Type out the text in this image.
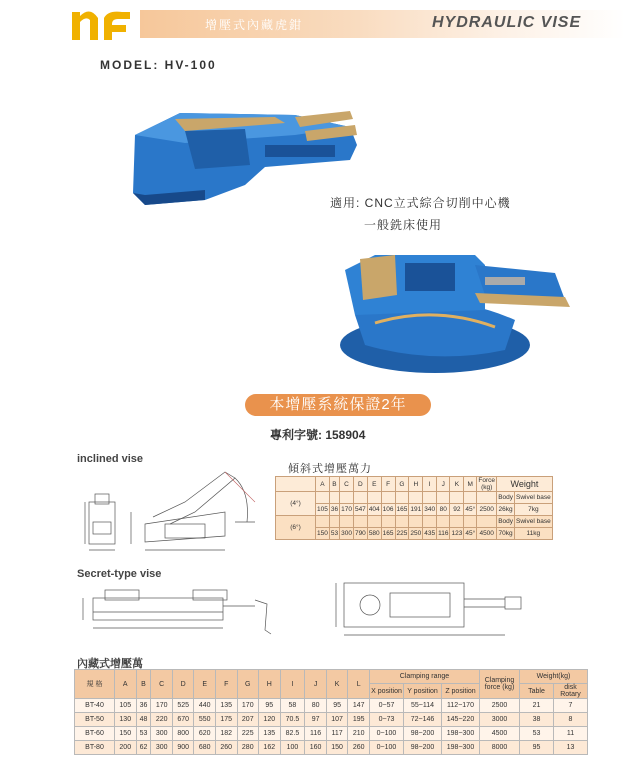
增壓式內藏虎鉗	HYDRAULIC VISE
MODEL: HV-100
適用: CNC立式綜合切削中心機
一般銑床使用
本增壓系統保證2年
專利字號: 158904
inclined vise
傾斜式增壓萬力
	A	B	C	D	E	F	G	H	I	J	K	M	Force (kg)	Weight	
(4°)														Body	Swivel base
	105	36	170	547	404	106	165	191	340	80	92	45°	2500	26kg	7kg
(6°)														Body	Swivel base
	150	53	300	790	580	165	225	250	435	116	123	45°	4500	70kg	11kg
Secret-type vise
內藏式增壓萬
規 格	A	B	C	D	E	F	G	H	I	J	K	L	Clamping range			Clamping force (kg)	Weight(kg)	
													X position	Y position	Z position		Table	disk Rotary
BT-40	105	36	170	525	440	135	170	95	58	80	95	147	0~57	55~114	112~170	2500	21	7
BT-50	130	48	220	670	550	175	207	120	70.5	97	107	195	0~73	72~146	145~220	3000	38	8
BT-60	150	53	300	800	620	182	225	135	82.5	116	117	210	0~100	98~200	198~300	4500	53	11
BT-80	200	62	300	900	680	260	280	162	100	160	150	260	0~100	98~200	198~300	8000	95	13
